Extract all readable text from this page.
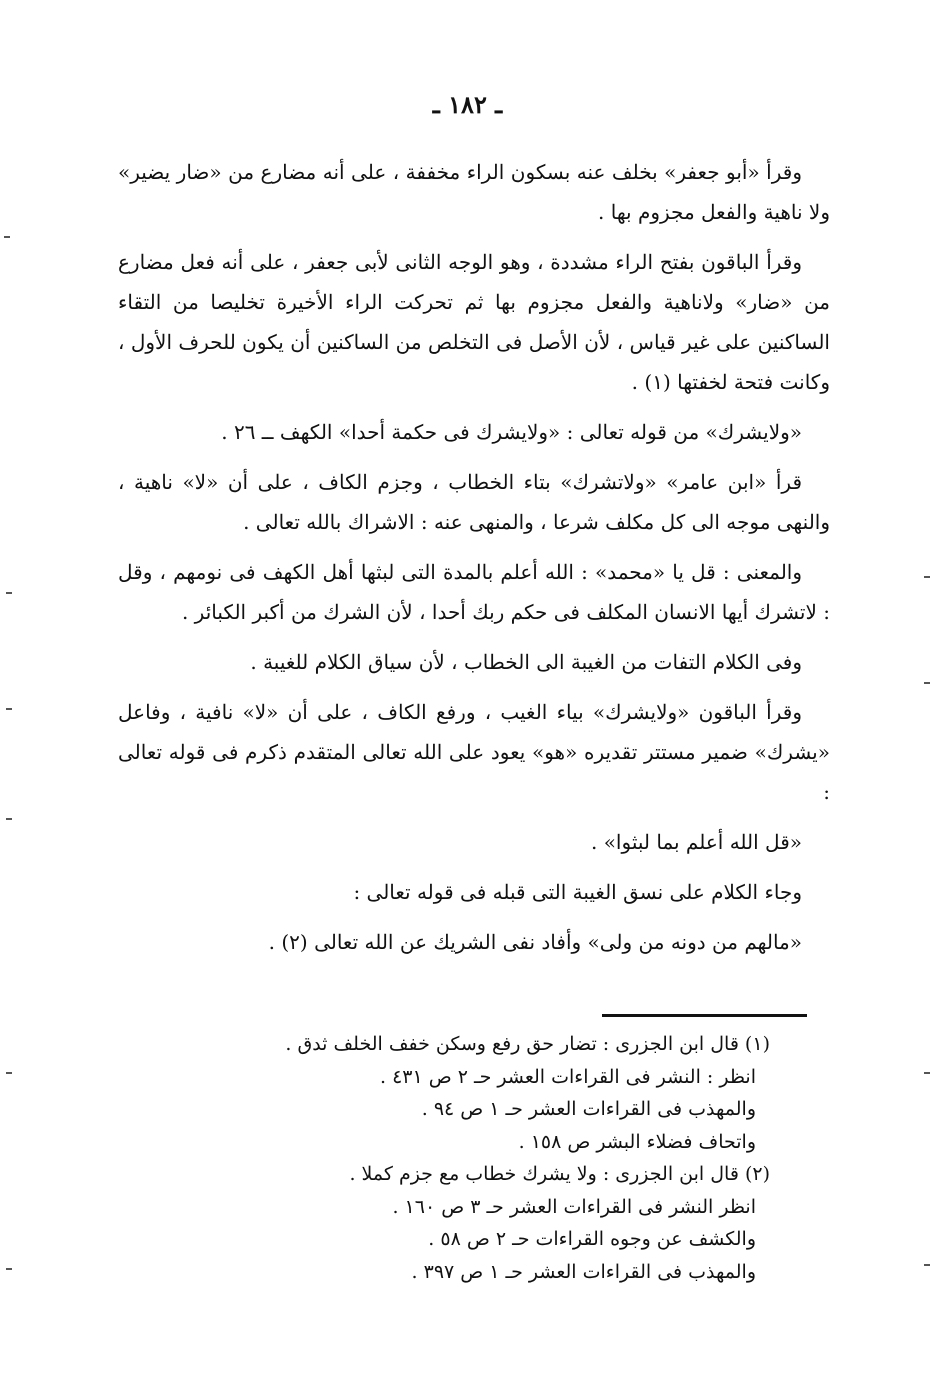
ـ ١٨٢ ـ

وقرأ «أبو جعفر» بخلف عنه بسكون الراء مخففة ، على أنه مضارع من «ضار يضير» ولا ناهية والفعل مجزوم بها .

وقرأ الباقون بفتح الراء مشددة ، وهو الوجه الثانى لأبى جعفر ، على أنه فعل مضارع من «ضار» ولاناهية والفعل مجزوم بها ثم تحركت الراء الأخيرة تخليصا من التقاء الساكنين على غير قياس ، لأن الأصل فى التخلص من الساكنين أن يكون للحرف الأول ، وكانت فتحة لخفتها (١) .

«ولايشرك» من قوله تعالى : «ولايشرك فى حكمة أحدا» الكهف ــ ٢٦ .

قرأ «ابن عامر» «ولاتشرك» بتاء الخطاب ، وجزم الكاف ، على أن «لا» ناهية ، والنهى موجه الى كل مكلف شرعا ، والمنهى عنه : الاشراك بالله تعالى .

والمعنى : قل يا «محمد» : الله أعلم بالمدة التى لبثها أهل الكهف فى نومهم ، وقل : لاتشرك أيها الانسان المكلف فى حكم ربك أحدا ، لأن الشرك من أكبر الكبائر .

وفى الكلام التفات من الغيبة الى الخطاب ، لأن سياق الكلام للغيبة .

وقرأ الباقون «ولايشرك» بياء الغيب ، ورفع الكاف ، على أن «لا» نافية ، وفاعل «يشرك» ضمير مستتر تقديره «هو» يعود على الله تعالى المتقدم ذكرم فى قوله تعالى :

«قل الله أعلم بما لبثوا» .

وجاء الكلام على نسق الغيبة التى قبله فى قوله تعالى :

«مالهم من دونه من ولى» وأفاد نفى الشريك عن الله تعالى (٢) .

(١) قال ابن الجزرى : تضار حق رفع وسكن خفف الخلف ثدق .
انظر : النشر فى القراءات العشر حـ ٢ ص ٤٣١ .
والمهذب فى القراءات العشر حـ ١ ص ٩٤ .
واتحاف فضلاء البشر ص ١٥٨ .
(٢) قال ابن الجزرى : ولا يشرك خطاب مع جزم كملا .
انظر النشر فى القراءات العشر حـ ٣ ص ١٦٠ .
والكشف عن وجوه القراءات حـ ٢ ص ٥٨ .
والمهذب فى القراءات العشر حـ ١ ص ٣٩٧ .
